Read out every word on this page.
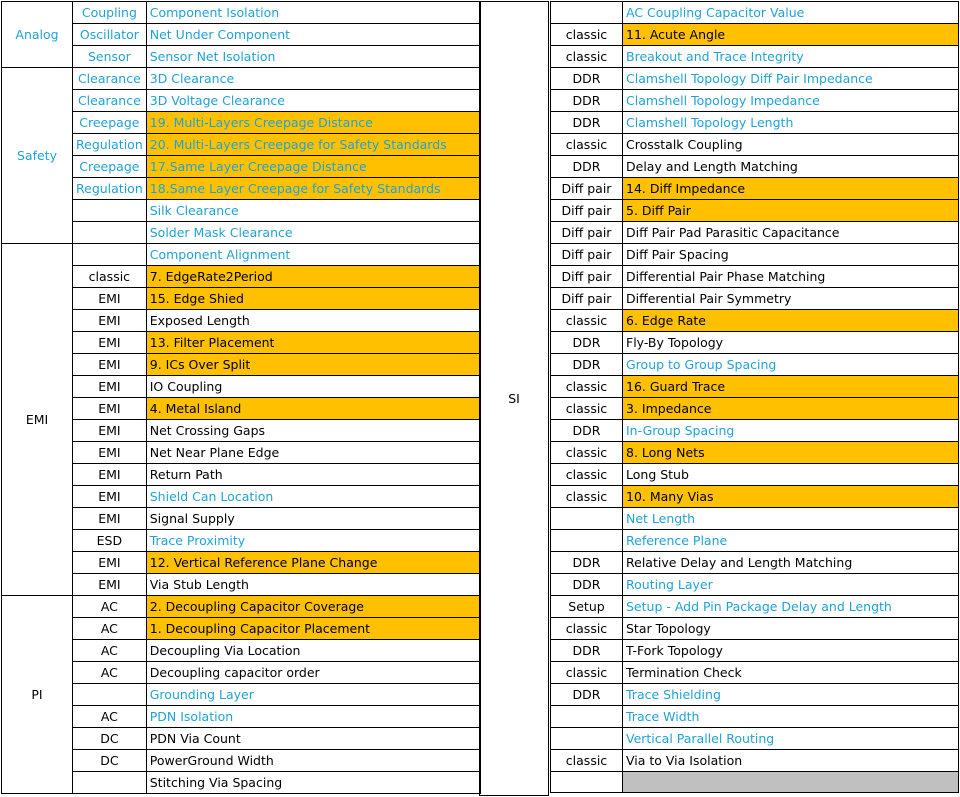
Analog	Coupling	Component Isolation
	Oscillator	Net Under Component
	Sensor	Sensor Net Isolation
Safety	Clearance	3D Clearance
	Clearance	3D Voltage Clearance
	Creepage	19. Multi-Layers Creepage Distance
	Regulation	20. Multi-Layers Creepage for Safety Standards
	Creepage	17.Same Layer Creepage Distance
	Regulation	18.Same Layer Creepage for Safety Standards
		Silk Clearance
		Solder Mask Clearance
EMI		Component Alignment
	classic	7. EdgeRate2Period
	EMI	15. Edge Shied
	EMI	Exposed Length
	EMI	13. Filter Placement
	EMI	9. ICs Over Split
	EMI	IO Coupling
	EMI	4. Metal Island
	EMI	Net Crossing Gaps
	EMI	Net Near Plane Edge
	EMI	Return Path
	EMI	Shield Can Location
	EMI	Signal Supply
	ESD	Trace Proximity
	EMI	12. Vertical Reference Plane Change
	EMI	Via Stub Length
PI	AC	2. Decoupling Capacitor Coverage
	AC	1. Decoupling Capacitor Placement
	AC	Decoupling Via Location
	AC	Decoupling capacitor order
		Grounding Layer
	AC	PDN Isolation
	DC	PDN Via Count
	DC	PowerGround Width
		Stitching Via Spacing
SI
	AC Coupling Capacitor Value
classic	11. Acute Angle
classic	Breakout and Trace Integrity
DDR	Clamshell Topology Diff Pair Impedance
DDR	Clamshell Topology Impedance
DDR	Clamshell Topology Length
classic	Crosstalk Coupling
DDR	Delay and Length Matching
Diff pair	14. Diff Impedance
Diff pair	5. Diff Pair
Diff pair	Diff Pair Pad Parasitic Capacitance
Diff pair	Diff Pair Spacing
Diff pair	Differential Pair Phase Matching
Diff pair	Differential Pair Symmetry
classic	6. Edge Rate
DDR	Fly-By Topology
DDR	Group to Group Spacing
classic	16. Guard Trace
classic	3. Impedance
DDR	In-Group Spacing
classic	8. Long Nets
classic	Long Stub
classic	10. Many Vias
	Net Length
	Reference Plane
DDR	Relative Delay and Length Matching
DDR	Routing Layer
Setup	Setup - Add Pin Package Delay and Length
classic	Star Topology
DDR	T-Fork Topology
classic	Termination Check
DDR	Trace Shielding
	Trace Width
	Vertical Parallel Routing
classic	Via to Via Isolation
